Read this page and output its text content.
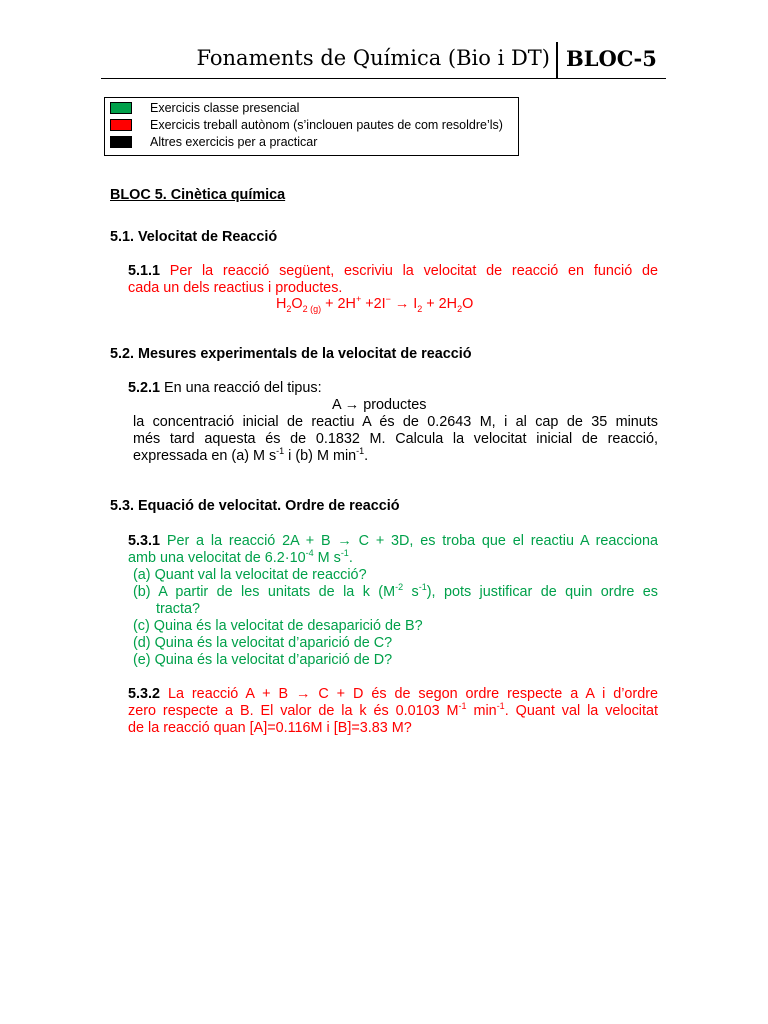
Fonaments de Química (Bio i DT) BLOC-5
Exercicis classe presencial
Exercicis treball autònom (s’inclouen pautes de com resoldre’ls)
Altres exercicis per a practicar
BLOC 5. Cinètica química
5.1. Velocitat de Reacció
5.1.1 Per la reacció següent, escriviu la velocitat de reacció en funció de
cada un dels reactius i productes.
$H_2O_2$ $_{(g)} + 2H^+ +2I^- \to I_2 + 2H_2O$
5.2. Mesures experimentals de la velocitat de reacció
5.2.1 En una reacció del tipus:
A → productes
la concentració inicial de reactiu A és de 0.2643 M, i al cap de 35 minuts
més tard aquesta és de 0.1832 M. Calcula la velocitat inicial de reacció,
expressada en (a) M $s^{-1}$ i (b) M $\min^{-1}$.
5.3. Equació de velocitat. Ordre de reacció
5.3.1 Per a la reacció 2A + B → C + 3D, es troba que el reactiu A reacciona
amb una velocitat de $6.2\cdot 10^{-4}$ M $s^{-1}$.
(a) Quant val la velocitat de reacció?
(b) A partir de les unitats de la k ($M^{-2}$ $s^{-1}$), pots justificar de quin ordre es
tracta?
(c) Quina és la velocitat de desaparició de B?
(d) Quina és la velocitat d’aparició de C?
(e) Quina és la velocitat d’aparició de D?
5.3.2 La reacció A + B → C + D és de segon ordre respecte a A i d’ordre
zero respecte a B. El valor de la k és 0.0103 $M^{-1}$ $\min^{-1}$. Quant val la velocitat
de la reacció quan [A]=0.116M i [B]=3.83 M?
